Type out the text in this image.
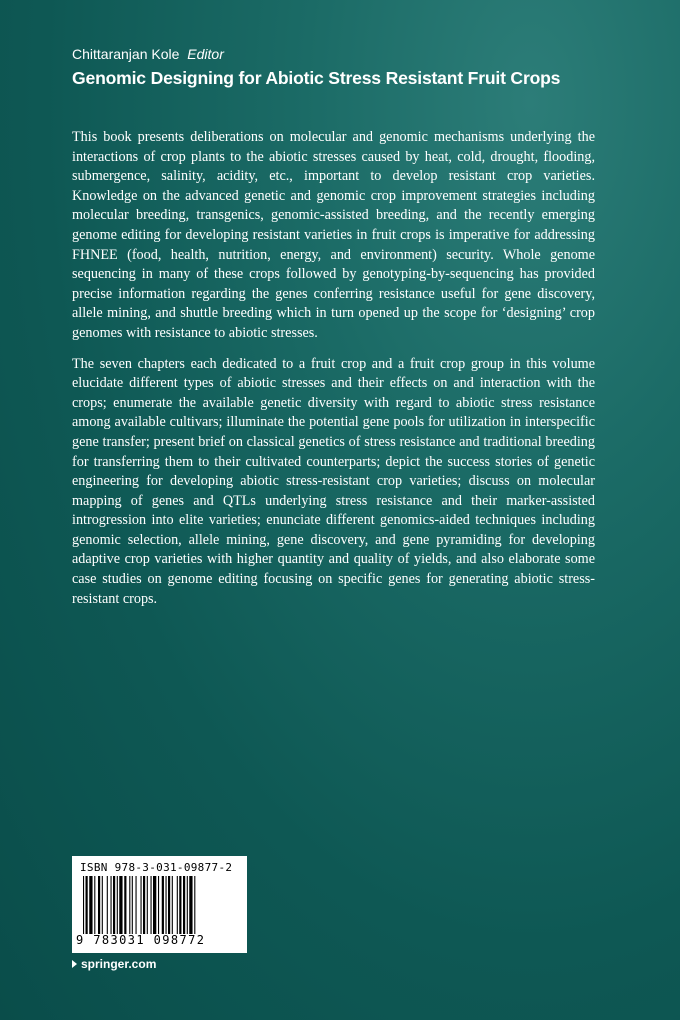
Chittaranjan Kole Editor
Genomic Designing for Abiotic Stress Resistant Fruit Crops

This book presents deliberations on molecular and genomic mechanisms underlying the interactions of crop plants to the abiotic stresses caused by heat, cold, drought, flooding, submergence, salinity, acidity, etc., important to develop resistant crop varieties. Knowledge on the advanced genetic and genomic crop improvement strategies including molecular breeding, transgenics, genomic-assisted breeding, and the recently emerging genome editing for developing resistant varieties in fruit crops is imperative for addressing FHNEE (food, health, nutrition, energy, and environment) security. Whole genome sequencing in many of these crops followed by genotyping-by-sequencing has provided precise information regarding the genes conferring resistance useful for gene discovery, allele mining, and shuttle breeding which in turn opened up the scope for ‘designing’ crop genomes with resistance to abiotic stresses.

The seven chapters each dedicated to a fruit crop and a fruit crop group in this volume elucidate different types of abiotic stresses and their effects on and interaction with the crops; enumerate the available genetic diversity with regard to abiotic stress resistance among available cultivars; illuminate the potential gene pools for utilization in interspecific gene transfer; present brief on classical genetics of stress resistance and traditional breeding for transferring them to their cultivated counterparts; depict the success stories of genetic engineering for developing abiotic stress-resistant crop varieties; discuss on molecular mapping of genes and QTLs underlying stress resistance and their marker-assisted introgression into elite varieties; enunciate different genomics-aided techniques including genomic selection, allele mining, gene discovery, and gene pyramiding for developing adaptive crop varieties with higher quantity and quality of yields, and also elaborate some case studies on genome editing focusing on specific genes for generating abiotic stress-resistant crops.

ISBN 978-3-031-09877-2
9 783031 098772
springer.com
